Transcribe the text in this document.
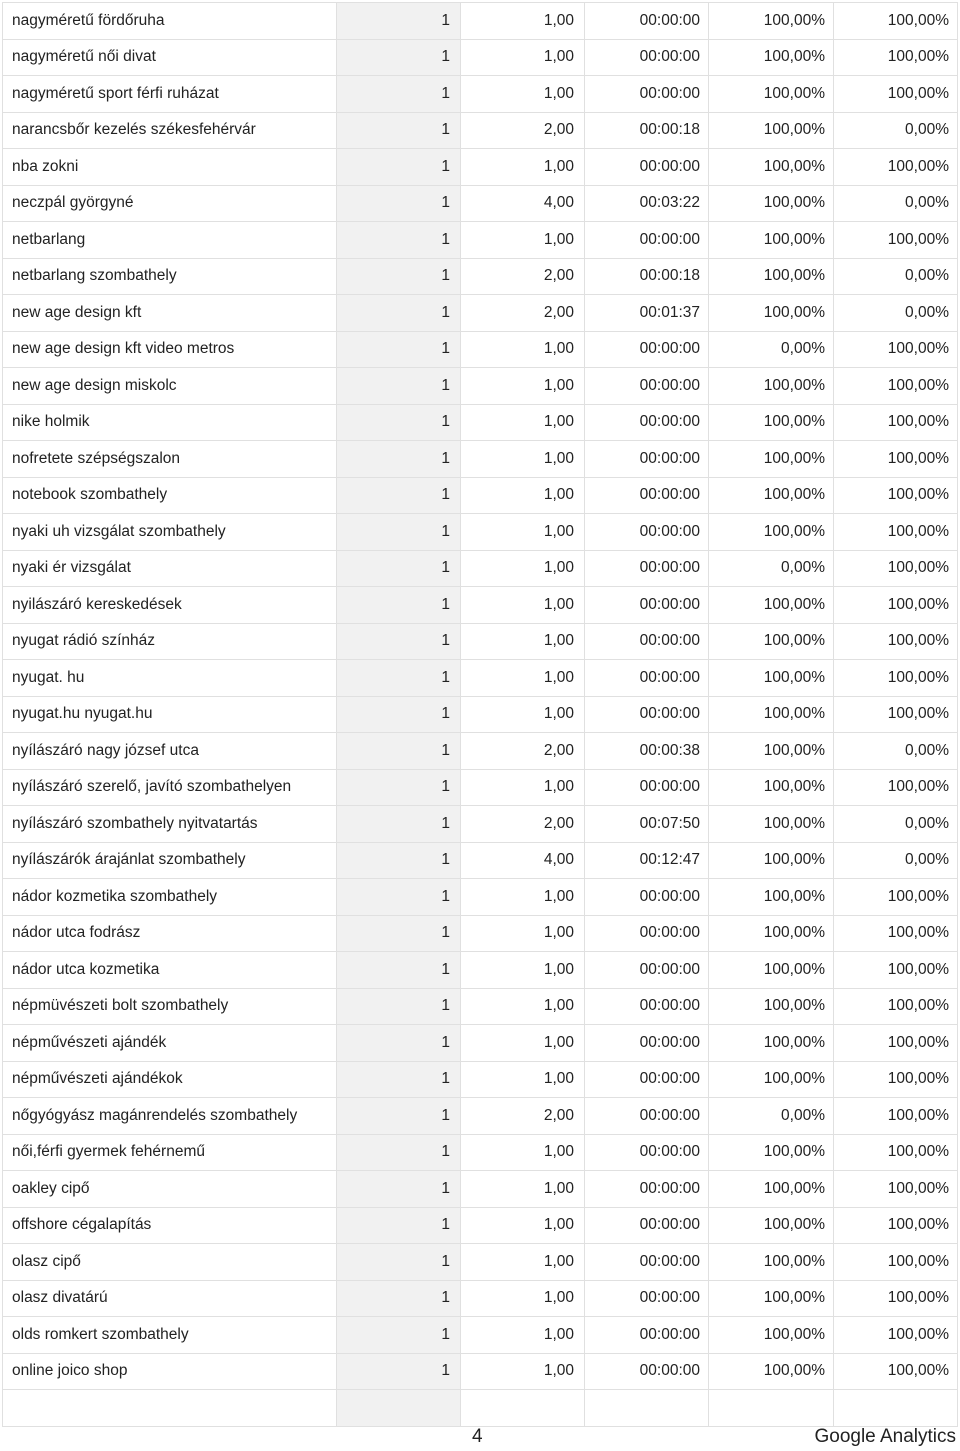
nagyméretű fördőruha	1	1,00	00:00:00	100,00%	100,00%
nagyméretű női divat	1	1,00	00:00:00	100,00%	100,00%
nagyméretű sport férfi ruházat	1	1,00	00:00:00	100,00%	100,00%
narancsbőr kezelés székesfehérvár	1	2,00	00:00:18	100,00%	0,00%
nba zokni	1	1,00	00:00:00	100,00%	100,00%
neczpál györgyné	1	4,00	00:03:22	100,00%	0,00%
netbarlang	1	1,00	00:00:00	100,00%	100,00%
netbarlang szombathely	1	2,00	00:00:18	100,00%	0,00%
new age design kft	1	2,00	00:01:37	100,00%	0,00%
new age design kft video metros	1	1,00	00:00:00	0,00%	100,00%
new age design miskolc	1	1,00	00:00:00	100,00%	100,00%
nike holmik	1	1,00	00:00:00	100,00%	100,00%
nofretete szépségszalon	1	1,00	00:00:00	100,00%	100,00%
notebook szombathely	1	1,00	00:00:00	100,00%	100,00%
nyaki uh vizsgálat szombathely	1	1,00	00:00:00	100,00%	100,00%
nyaki ér vizsgálat	1	1,00	00:00:00	0,00%	100,00%
nyilászáró kereskedések	1	1,00	00:00:00	100,00%	100,00%
nyugat rádió színház	1	1,00	00:00:00	100,00%	100,00%
nyugat. hu	1	1,00	00:00:00	100,00%	100,00%
nyugat.hu nyugat.hu	1	1,00	00:00:00	100,00%	100,00%
nyílászáró nagy józsef utca	1	2,00	00:00:38	100,00%	0,00%
nyílászáró szerelő, javító szombathelyen	1	1,00	00:00:00	100,00%	100,00%
nyílászáró szombathely nyitvatartás	1	2,00	00:07:50	100,00%	0,00%
nyílászárók árajánlat szombathely	1	4,00	00:12:47	100,00%	0,00%
nádor kozmetika szombathely	1	1,00	00:00:00	100,00%	100,00%
nádor utca fodrász	1	1,00	00:00:00	100,00%	100,00%
nádor utca kozmetika	1	1,00	00:00:00	100,00%	100,00%
népmüvészeti bolt szombathely	1	1,00	00:00:00	100,00%	100,00%
népművészeti ajándék	1	1,00	00:00:00	100,00%	100,00%
népművészeti ajándékok	1	1,00	00:00:00	100,00%	100,00%
nőgyógyász magánrendelés szombathely	1	2,00	00:00:00	0,00%	100,00%
női,férfi gyermek fehérnemű	1	1,00	00:00:00	100,00%	100,00%
oakley cipő	1	1,00	00:00:00	100,00%	100,00%
offshore cégalapítás	1	1,00	00:00:00	100,00%	100,00%
olasz cipő	1	1,00	00:00:00	100,00%	100,00%
olasz divatárú	1	1,00	00:00:00	100,00%	100,00%
olds romkert szombathely	1	1,00	00:00:00	100,00%	100,00%
online joico shop	1	1,00	00:00:00	100,00%	100,00%

4	Google Analytics
